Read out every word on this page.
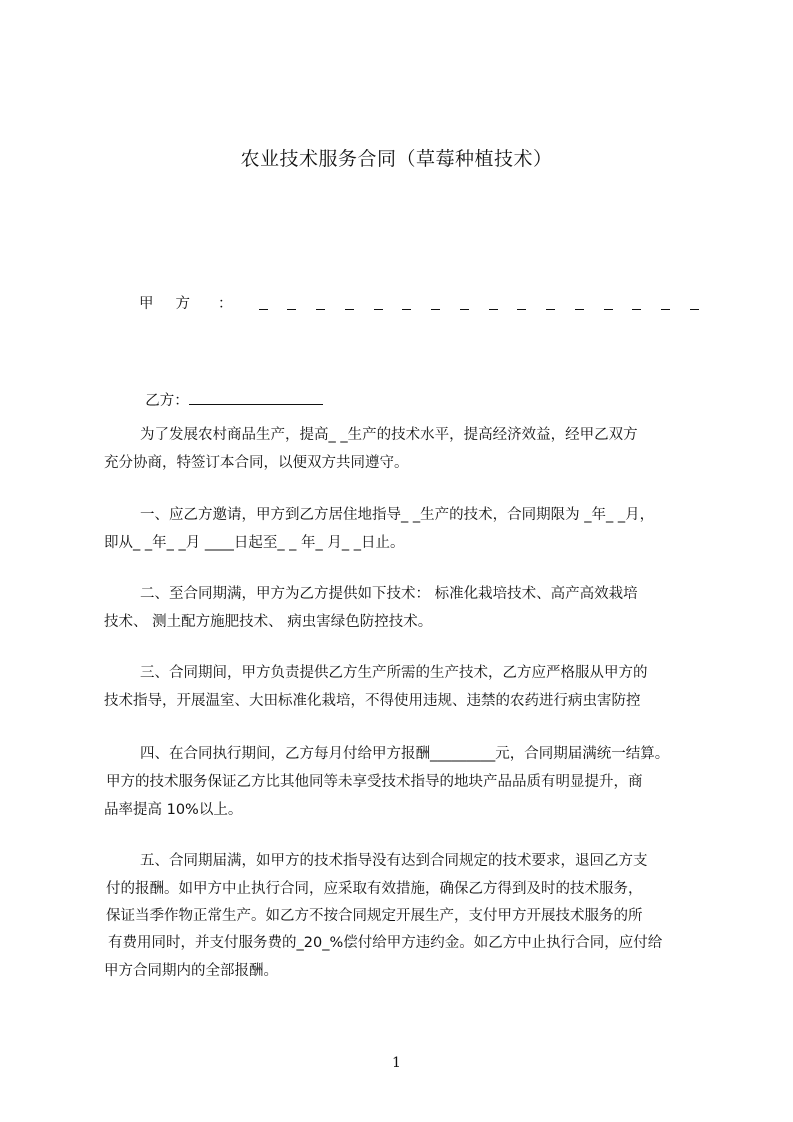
农业技术服务合同（草莓种植技术）
甲方 ：

乙方：

为了发展农村商品生产，提高_ _生产的技术水平，提高经济效益，经甲乙双方
充分协商，特签订本合同，以便双方共同遵守。
一、应乙方邀请，甲方到乙方居住地指导_ _生产的技术，合同期限为 _年_ _月，
即从_ _年_ _月 ____日起至_ _ 年_ 月_ _日止。
二、至合同期满，甲方为乙方提供如下技术： 标准化栽培技术、高产高效栽培
技术、 测土配方施肥技术、 病虫害绿色防控技术。
三、合同期间，甲方负责提供乙方生产所需的生产技术，乙方应严格服从甲方的
技术指导，开展温室、大田标准化栽培，不得使用违规、违禁的农药进行病虫害防控
四、在合同执行期间，乙方每月付给甲方报酬_________元，合同期届满统一结算。
甲方的技术服务保证乙方比其他同等未享受技术指导的地块产品品质有明显提升，商
品率提高 10%以上。
五、合同期届满，如甲方的技术指导没有达到合同规定的技术要求，退回乙方支
付的报酬。如甲方中止执行合同，应采取有效措施，确保乙方得到及时的技术服务，
保证当季作物正常生产。如乙方不按合同规定开展生产，支付甲方开展技术服务的所
有费用同时，并支付服务费的_20_%偿付给甲方违约金。如乙方中止执行合同，应付给
甲方合同期内的全部报酬。
1
